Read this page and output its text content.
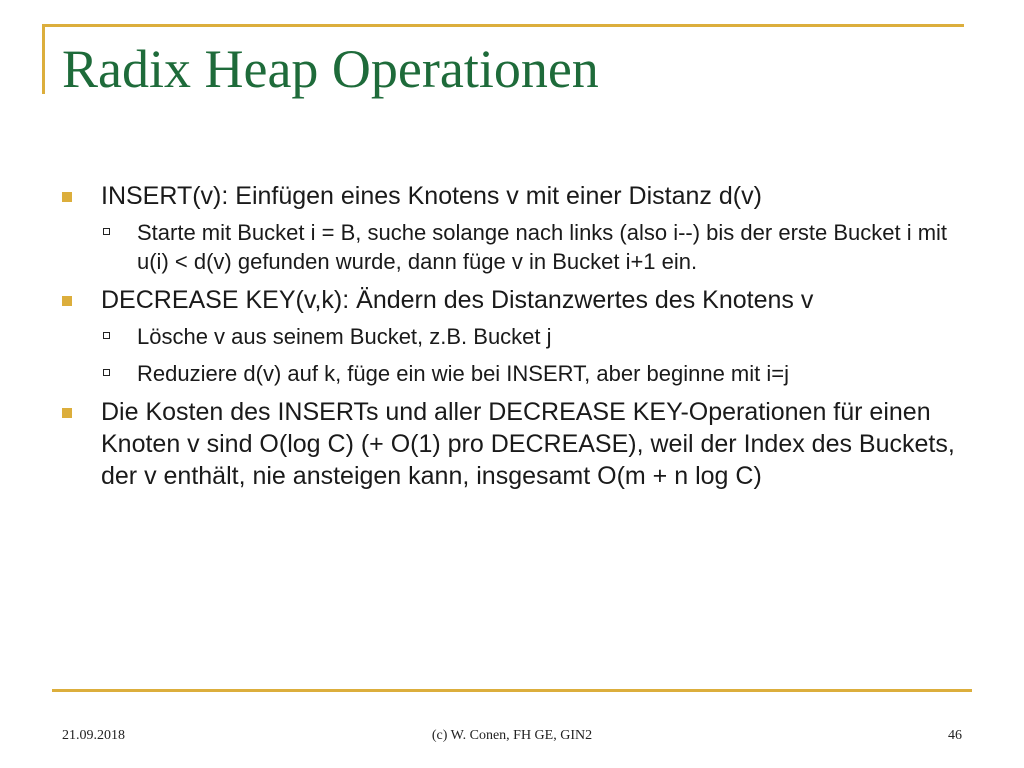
Radix Heap Operationen
INSERT(v): Einfügen eines Knotens v mit einer Distanz d(v)
Starte mit Bucket i = B, suche solange nach links (also i--) bis der erste Bucket i mit u(i) < d(v) gefunden wurde, dann füge v in Bucket i+1 ein.
DECREASE KEY(v,k): Ändern des Distanzwertes des Knotens v
Lösche v aus seinem Bucket, z.B. Bucket j
Reduziere d(v) auf k, füge ein wie bei INSERT, aber beginne mit i=j
Die Kosten des INSERTs und aller DECREASE KEY-Operationen für einen Knoten v sind O(log C) (+ O(1) pro DECREASE), weil der Index des Buckets, der v enthält, nie ansteigen kann, insgesamt O(m + n log C)
21.09.2018	(c) W. Conen, FH GE, GIN2	46
